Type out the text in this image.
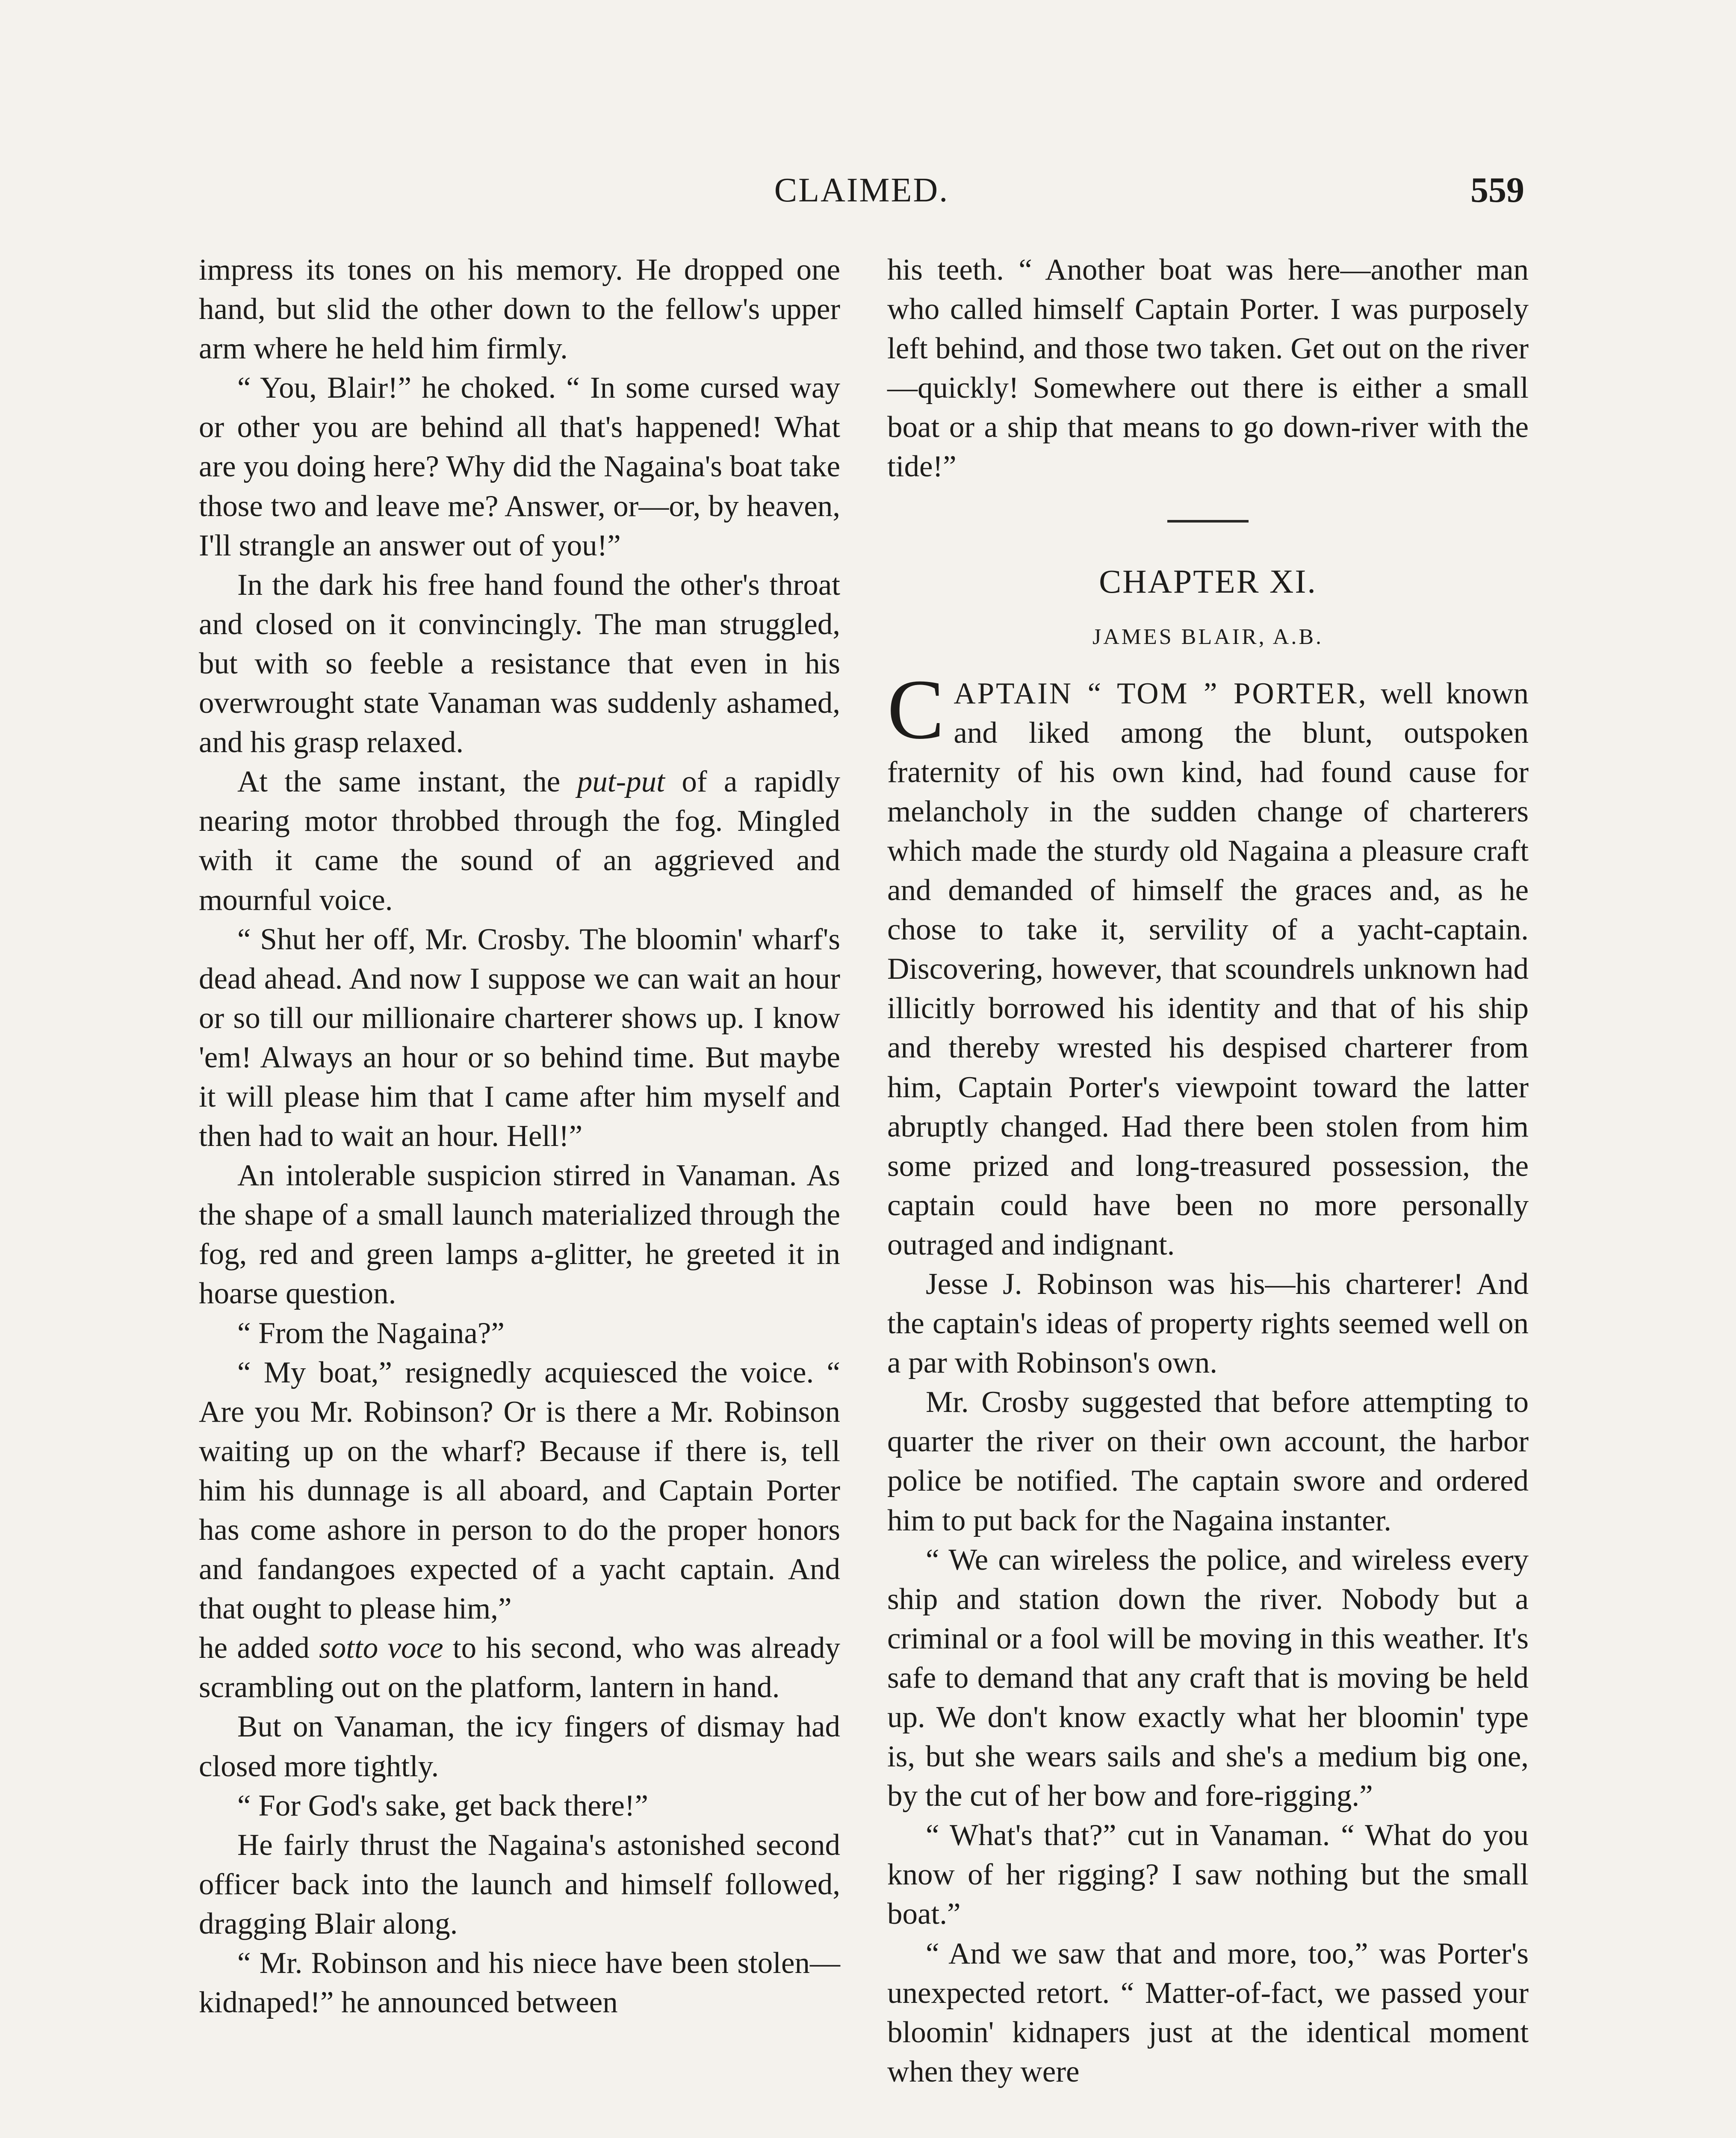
CLAIMED.	559

impress its tones on his memory. He dropped one hand, but slid the other down to the fellow's upper arm where he held him firmly.

“ You, Blair!” he choked. “ In some cursed way or other you are behind all that's happened! What are you doing here? Why did the Nagaina's boat take those two and leave me? Answer, or—or, by heaven, I'll strangle an answer out of you!”

In the dark his free hand found the other's throat and closed on it convincingly. The man struggled, but with so feeble a resistance that even in his overwrought state Vanaman was suddenly ashamed, and his grasp relaxed.

At the same instant, the put-put of a rapidly nearing motor throbbed through the fog. Mingled with it came the sound of an aggrieved and mournful voice.

“ Shut her off, Mr. Crosby. The bloomin' wharf's dead ahead. And now I suppose we can wait an hour or so till our millionaire charterer shows up. I know 'em! Always an hour or so behind time. But maybe it will please him that I came after him myself and then had to wait an hour. Hell!”

An intolerable suspicion stirred in Vanaman. As the shape of a small launch materialized through the fog, red and green lamps a-glitter, he greeted it in hoarse question.

“ From the Nagaina?”

“ My boat,” resignedly acquiesced the voice. “ Are you Mr. Robinson? Or is there a Mr. Robinson waiting up on the wharf? Because if there is, tell him his dunnage is all aboard, and Captain Porter has come ashore in person to do the proper honors and fandangoes expected of a yacht captain. And that ought to please him,”

he added sotto voce to his second, who was already scrambling out on the platform, lantern in hand.

But on Vanaman, the icy fingers of dismay had closed more tightly.

“ For God's sake, get back there!”

He fairly thrust the Nagaina's astonished second officer back into the launch and himself followed, dragging Blair along.

“ Mr. Robinson and his niece have been stolen—kidnaped!” he announced between

his teeth. “ Another boat was here—another man who called himself Captain Porter. I was purposely left behind, and those two taken. Get out on the river—quickly! Somewhere out there is either a small boat or a ship that means to go down-river with the tide!”

CHAPTER XI.
JAMES BLAIR, A.B.

CAPTAIN “ TOM ” PORTER, well known and liked among the blunt, outspoken fraternity of his own kind, had found cause for melancholy in the sudden change of charterers which made the sturdy old Nagaina a pleasure craft and demanded of himself the graces and, as he chose to take it, servility of a yacht-captain. Discovering, however, that scoundrels unknown had illicitly borrowed his identity and that of his ship and thereby wrested his despised charterer from him, Captain Porter's viewpoint toward the latter abruptly changed. Had there been stolen from him some prized and long-treasured possession, the captain could have been no more personally outraged and indignant.

Jesse J. Robinson was his—his charterer! And the captain's ideas of property rights seemed well on a par with Robinson's own.

Mr. Crosby suggested that before attempting to quarter the river on their own account, the harbor police be notified. The captain swore and ordered him to put back for the Nagaina instanter.

“ We can wireless the police, and wireless every ship and station down the river. Nobody but a criminal or a fool will be moving in this weather. It's safe to demand that any craft that is moving be held up. We don't know exactly what her bloomin' type is, but she wears sails and she's a medium big one, by the cut of her bow and fore-rigging.”

“ What's that?” cut in Vanaman. “ What do you know of her rigging? I saw nothing but the small boat.”

“ And we saw that and more, too,” was Porter's unexpected retort. “ Matter-of-fact, we passed your bloomin' kidnapers just at the identical moment when they were
